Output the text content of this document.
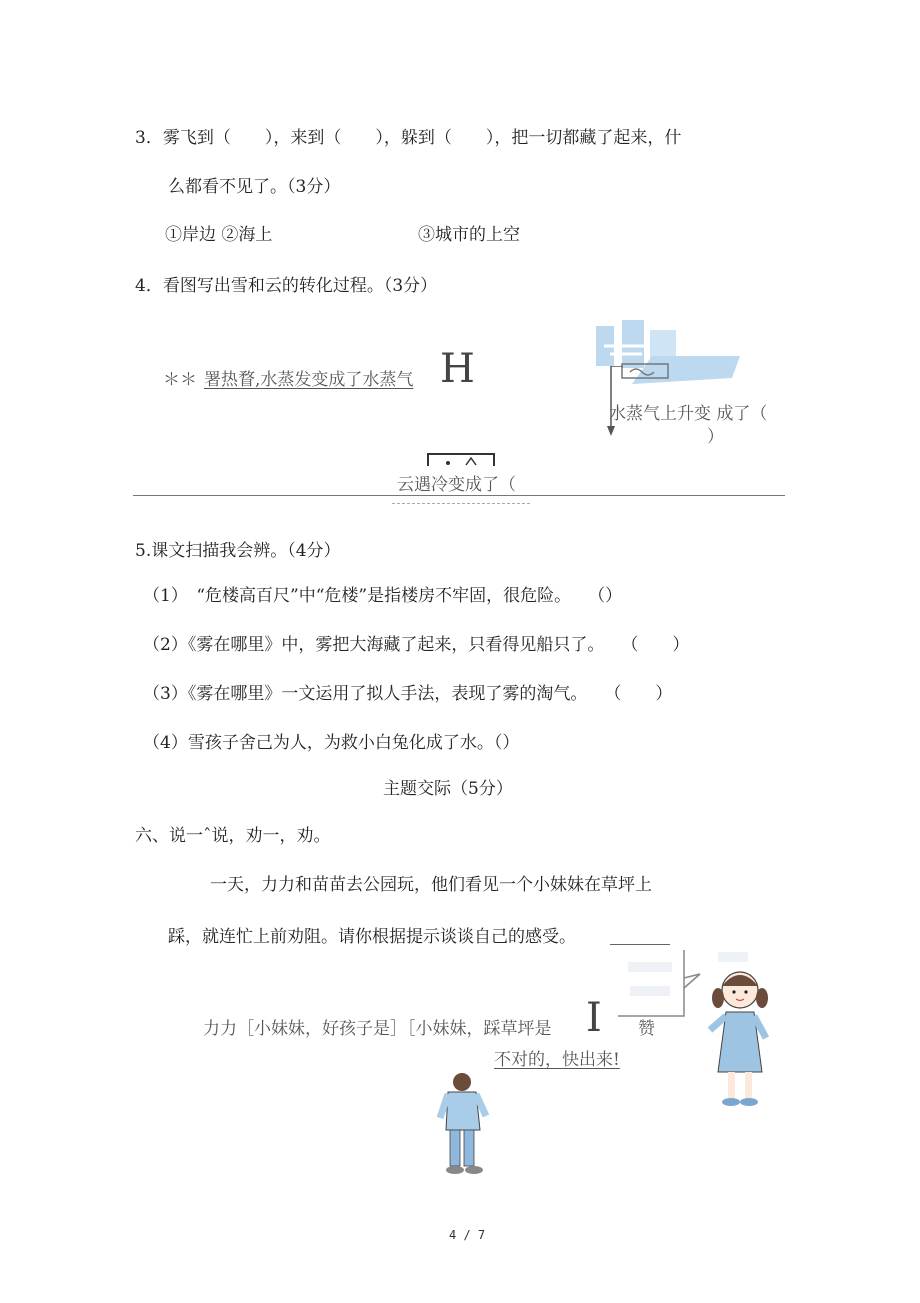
3．雾飞到（　　），来到（　　），躲到（　　），把一切都藏了起来，什
么都看不见了。（3分）
①岸边 ②海上	③城市的上空
4．看图写出雪和云的转化过程。（3分）
＊＊ 署热瞀,水蒸发变成了水蒸气 H
水蒸气上升变 成了（
）
云遇冷变成了（
5.课文扫描我会辨。（4分）
（1）　“危楼高百尺”中“危楼”是指楼房不牢固，很危险。　　（）
（2）《雾在哪里》中，雾把大海藏了起来，只看得见船只了。　　（　　）
（3）《雾在哪里》一文运用了拟人手法，表现了雾的淘气。　　（　　）
（4）雪孩子舍己为人，为救小白兔化成了水。（）
主题交际（5分）
六、说一ˆ说，劝一，劝。
一天，力力和苗苗去公园玩，他们看见一个小妹妹在草坪上
踩，就连忙上前劝阻。请你根据提示谈谈自己的感受。
力力［小妹妹，好孩子是］［小妹妹，踩草坪是 I 赞
不对的，快出来!
4 / 7
